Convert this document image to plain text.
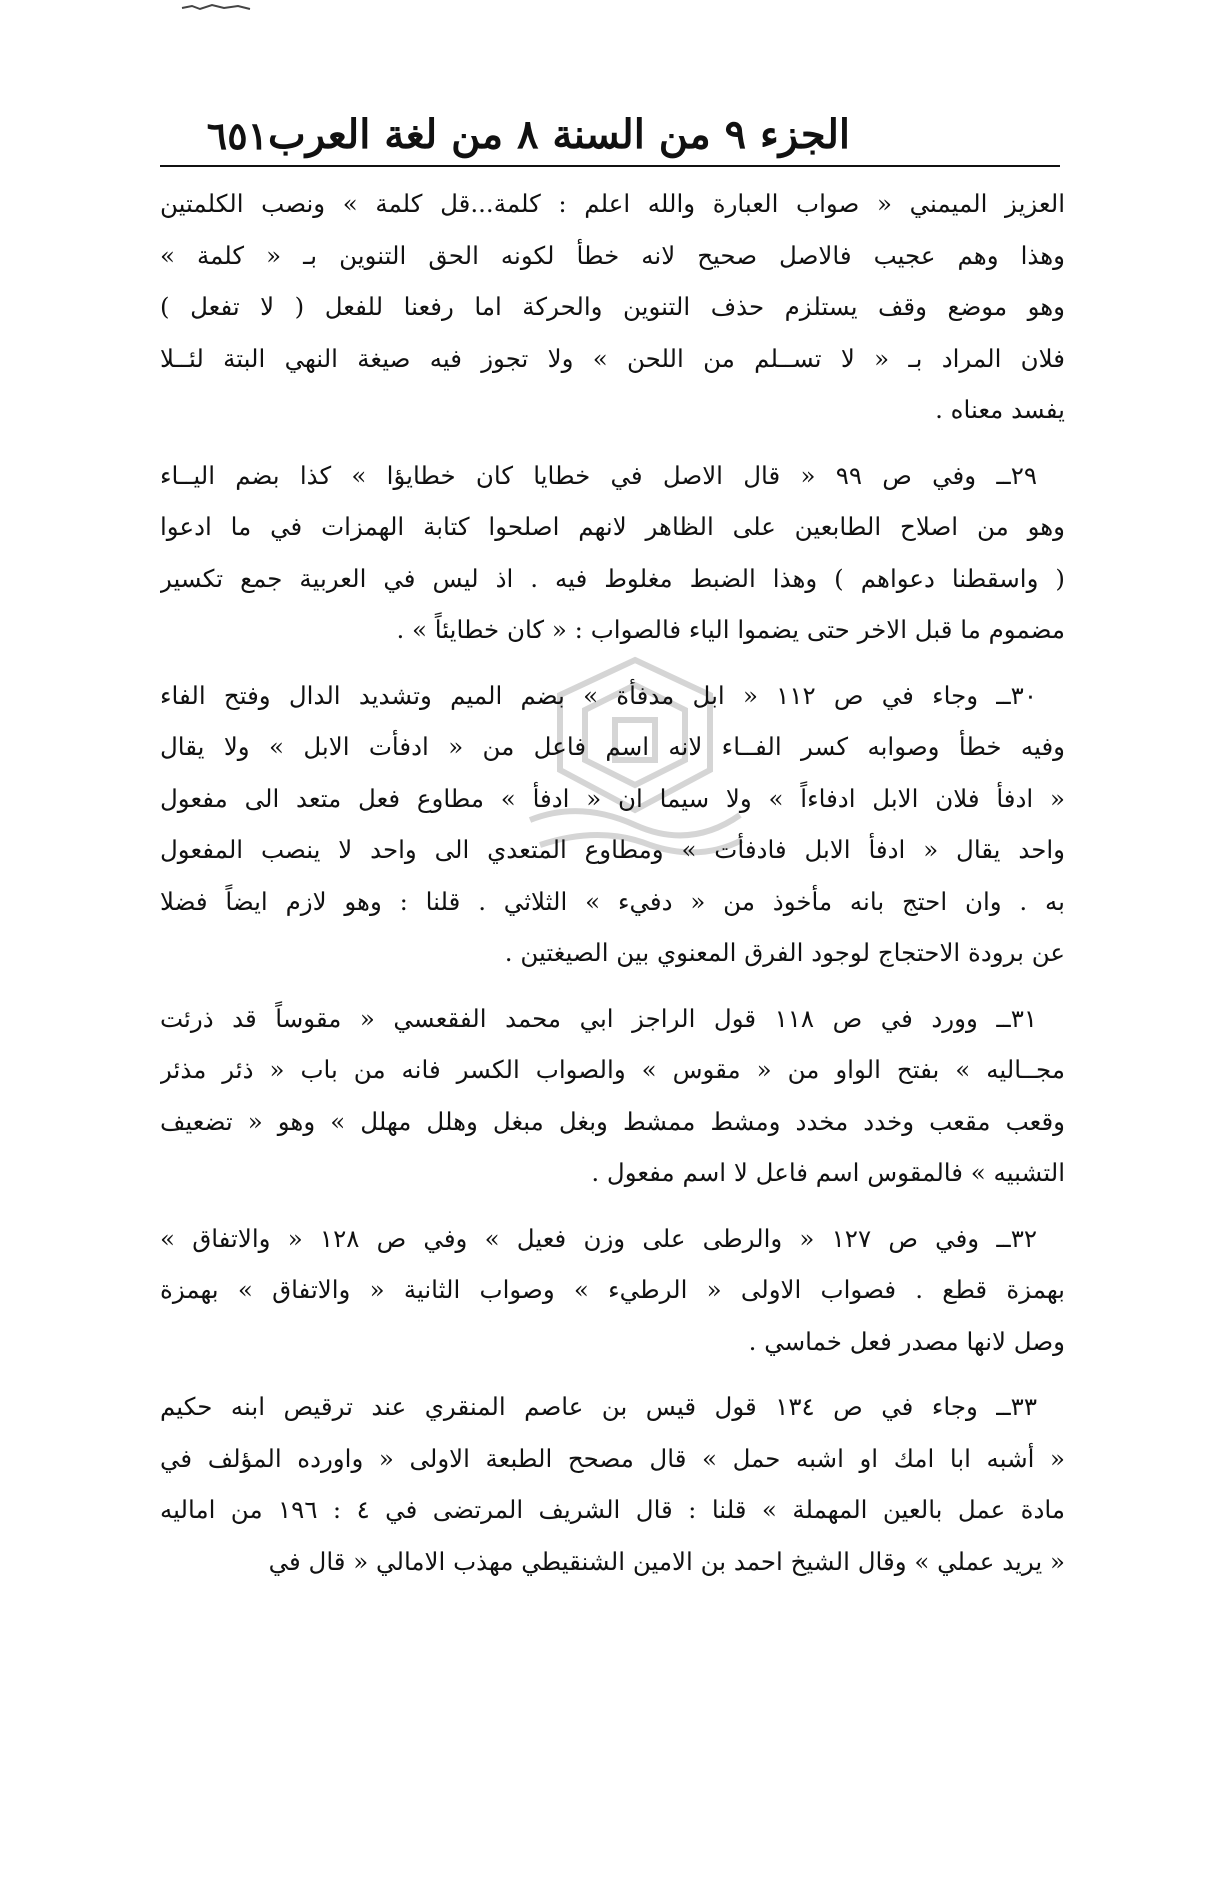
الجزء ٩ من السنة ٨ من لغة العرب
٦٥١
العزيز الميمني « صواب العبارة والله اعلم : كلمة...قل كلمة » ونصب الكلمتين
وهذا وهم عجيب فالاصل صحيح لانه خطأ لكونه الحق التنوين بـ « كلمة »
وهو موضع وقف يستلزم حذف التنوين والحركة اما رفعنا للفعل ( لا تفعل )
فلان المراد بـ « لا تســلم من اللحن » ولا تجوز فيه صيغة النهي البتة لئــلا
يفسد معناه .
٢٩ــ وفي ص ٩٩ « قال الاصل في خطايا كان خطايؤا » كذا بضم اليــاء
وهو من اصلاح الطابعين على الظاهر لانهم اصلحوا كتابة الهمزات في ما ادعوا
( واسقطنا دعواهم ) وهذا الضبط مغلوط فيه . اذ ليس في العربية جمع تكسير
مضموم ما قبل الاخر حتى يضموا الياء فالصواب : « كان خطايئاً » .
٣٠ــ وجاء في ص ١١٢ « ابل مدفأة » بضم الميم وتشديد الدال وفتح الفاء
وفيه خطأ وصوابه كسر الفــاء لانه اسم فاعل من « ادفأت الابل » ولا يقال
« ادفأ فلان الابل ادفاءاً » ولا سيما ان « ادفأ » مطاوع فعل متعد الى مفعول
واحد يقال « ادفأ الابل فادفأت » ومطاوع المتعدي الى واحد لا ينصب المفعول
به . وان احتج بانه مأخوذ من « دفيء » الثلاثي . قلنا : وهو لازم ايضاً فضلا
عن برودة الاحتجاج لوجود الفرق المعنوي بين الصيغتين .
٣١ــ وورد في ص ١١٨ قول الراجز ابي محمد الفقعسي « مقوساً قد ذرئت
مجــاليه » بفتح الواو من « مقوس » والصواب الكسر فانه من باب « ذئر مذئر
وقعب مقعب وخدد مخدد ومشط ممشط وبغل مبغل وهلل مهلل » وهو « تضعيف
التشبيه » فالمقوس اسم فاعل لا اسم مفعول .
٣٢ــ وفي ص ١٢٧ « والرطى على وزن فعيل » وفي ص ١٢٨ « والاتفاق »
بهمزة قطع . فصواب الاولى « الرطيء » وصواب الثانية « والاتفاق » بهمزة
وصل لانها مصدر فعل خماسي .
٣٣ــ وجاء في ص ١٣٤ قول قيس بن عاصم المنقري عند ترقيص ابنه حكيم
« أشبه ابا امك او اشبه حمل » قال مصحح الطبعة الاولى « واورده المؤلف في
مادة عمل بالعين المهملة » قلنا : قال الشريف المرتضى في ٤ : ١٩٦ من اماليه
« يريد عملي » وقال الشيخ احمد بن الامين الشنقيطي مهذب الامالي « قال في
